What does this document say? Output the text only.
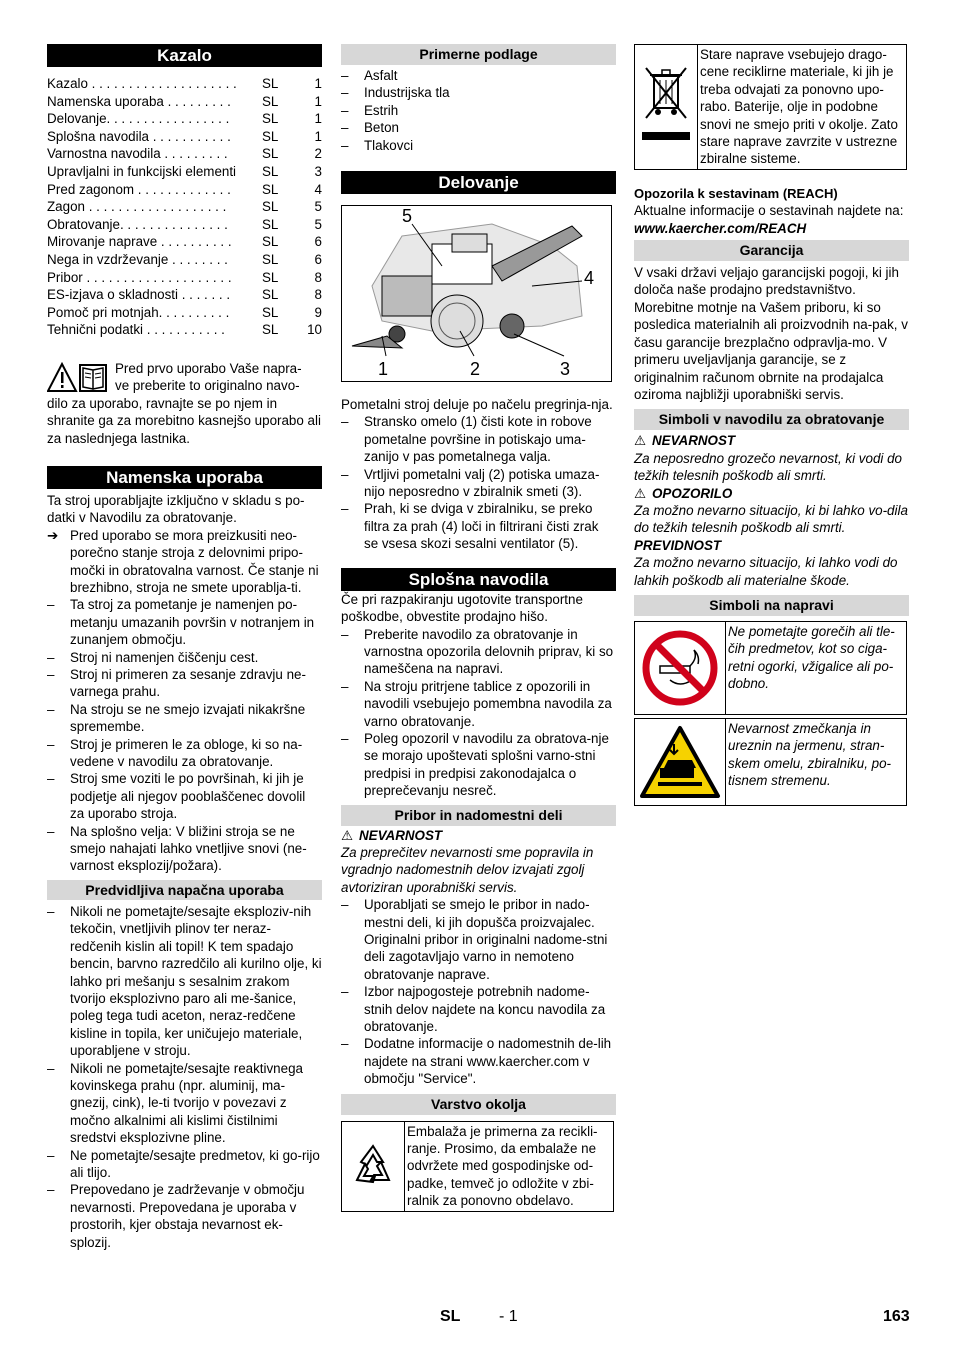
Kazalo
Kazalo . . . . . . . . . . . . . . . . . . . .	SL	1
Namenska uporaba . . . . . . . . .	SL	1
Delovanje. . . . . . . . . . . . . . . . .	SL	1
Splošna navodila . . . . . . . . . . .	SL	1
Varnostna navodila . . . . . . . . .	SL	2
Upravljalni in funkcijski elementi	SL	3
Pred zagonom . . . . . . . . . . . . .	SL	4
Zagon . . . . . . . . . . . . . . . . . . .	SL	5
Obratovanje. . . . . . . . . . . . . . .	SL	5
Mirovanje naprave . . . . . . . . . .	SL	6
Nega in vzdrževanje . . . . . . . .	SL	6
Pribor . . . . . . . . . . . . . . . . . . . .	SL	8
ES-izjava o skladnosti . . . . . . .	SL	8
Pomoč pri motnjah. . . . . . . . . .	SL	9
Tehnični podatki . . . . . . . . . . .	SL	10

Pred prvo uporabo Vaše napra-

ve preberite to originalno navo-

dilo za uporabo, ravnajte se po njem in shranite ga za morebitno kasnejšo uporabo ali za naslednjega lastnika.

Namenska uporaba

Ta stroj uporabljajte izključno v skladu s po-datki v Navodilu za obratovanje.

➔ Pred uporabo se mora preizkusiti neo-porečno stanje stroja z delovnimi pripo-močki in obratovalna varnost. Če stanje ni brezhibno, stroja ne smete uporablja-ti.
– Ta stroj za pometanje je namenjen po-metanju umazanih površin v notranjem in zunanjem območju.
– Stroj ni namenjen čiščenju cest.
– Stroj ni primeren za sesanje zdravju ne-varnega prahu.
– Na stroju se ne smejo izvajati nikakršne spremembe.
– Stroj je primeren le za obloge, ki so na-vedene v navodilu za obratovanje.
– Stroj sme voziti le po površinah, ki jih je podjetje ali njegov pooblaščenec dovolil za uporabo stroja.
– Na splošno velja: V bližini stroja se ne smejo nahajati lahko vnetljive snovi (ne-varnost eksplozij/požara).
Predvidljiva napačna uporaba
– Nikoli ne pometajte/sesajte eksploziv-nih tekočin, vnetljivih plinov ter neraz-redčenih kislin ali topil! K tem spadajo bencin, barvno razredčilo ali kurilno olje, ki lahko pri mešanju s sesalnim zrakom tvorijo eksplozivno paro ali me-šanice, poleg tega tudi aceton, neraz-redčene kisline in topila, ker uničujejo materiale, uporabljene v stroju.
– Nikoli ne pometajte/sesajte reaktivnega kovinskega prahu (npr. aluminij, ma-gnezij, cink), le-ti tvorijo v povezavi z močno alkalnimi ali kislimi čistilnimi sredstvi eksplozivne pline.
– Ne pometajte/sesajte predmetov, ki go-rijo ali tlijo.
– Prepovedano je zadrževanje v območju nevarnosti. Prepovedana je uporaba v prostorih, kjer obstaja nevarnost ek-splozij.
Primerne podlage
– Asfalt
– Industrijska tla
– Estrih
– Beton
– Tlakovci
Delovanje
5
4
1	2	3

Pometalni stroj deluje po načelu pregrinja-nja.

– Stransko omelo (1) čisti kote in robove pometalne površine in potiskajo uma-zanijo v pas pometalnega valja.
– Vrtljivi pometalni valj (2) potiska umaza-nijo neposredno v zbiralnik smeti (3).
– Prah, ki se dviga v zbiralniku, se preko filtra za prah (4) loči in filtrirani čisti zrak se vsesa skozi sesalni ventilator (5).
Splošna navodila

Če pri razpakiranju ugotovite transportne poškodbe, obvestite prodajno hišo.

– Preberite navodilo za obratovanje in varnostna opozorila delovnih priprav, ki so nameščena na napravi.
– Na stroju pritrjene tablice z opozorili in navodili vsebujejo pomembna navodila za varno obratovanje.
– Poleg opozoril v navodilu za obratova-nje se morajo upoštevati splošni varno-stni predpisi in predpisi zakonodajalca o preprečevanju nesreč.
Pribor in nadomestni deli

⚠ NEVARNOST

Za preprečitev nevarnosti sme popravila in vgradnjo nadomestnih delov izvajati zgolj avtoriziran uporabniški servis.

– Uporabljati se smejo le pribor in nado-mestni deli, ki jih dopušča proizvajalec. Originalni pribor in originalni nadome-stni deli zagotavljajo varno in nemoteno obratovanje naprave.
– Izbor najpogosteje potrebnih nadome-stnih delov najdete na koncu navodila za obratovanje.
– Dodatne informacije o nadomestnih de-lih najdete na strani www.kaercher.com v območju "Service".
Varstvo okolja
Embalaža je primerna za recikli-ranje. Prosimo, da embalaže ne odvržete med gospodinjske od-padke, temveč jo odložite v zbi-ralnik za ponovno obdelavo.
Stare naprave vsebujejo drago-cene reciklirne materiale, ki jih je treba odvajati za ponovno upo-rabo. Baterije, olje in podobne snovi ne smejo priti v okolje. Zato stare naprave zavrzite v ustrezne zbiralne sisteme.

Opozorila k sestavinam (REACH)

Aktualne informacije o sestavinah najdete na:

www.kaercher.com/REACH

Garancija

V vsaki državi veljajo garancijski pogoji, ki jih določa naše prodajno predstavništvo. Morebitne motnje na Vašem priboru, ki so posledica materialnih ali proizvodnih na-pak, v času garancije brezplačno odpravlja-mo. V primeru uveljavljanja garancije, se z originalnim računom obrnite na prodajalca oziroma najbližji uporabniški servis.

Simboli v navodilu za obratovanje

⚠ NEVARNOST

Za neposredno grozečo nevarnost, ki vodi do težkih telesnih poškodb ali smrti.

⚠ OPOZORILO

Za možno nevarno situacijo, ki bi lahko vo-dila do težkih telesnih poškodb ali smrti.

PREVIDNOST

Za možno nevarno situacijo, ki lahko vodi do lahkih poškodb ali materialne škode.

Simboli na napravi
Ne pometajte gorečih ali tle-čih predmetov, kot so ciga-retni ogorki, vžigalice ali po-dobno.
Nevarnost zmečkanja in ureznin na jermenu, stran-skem omelu, zbiralniku, po-tisnem stremenu.
SL - 1	163
